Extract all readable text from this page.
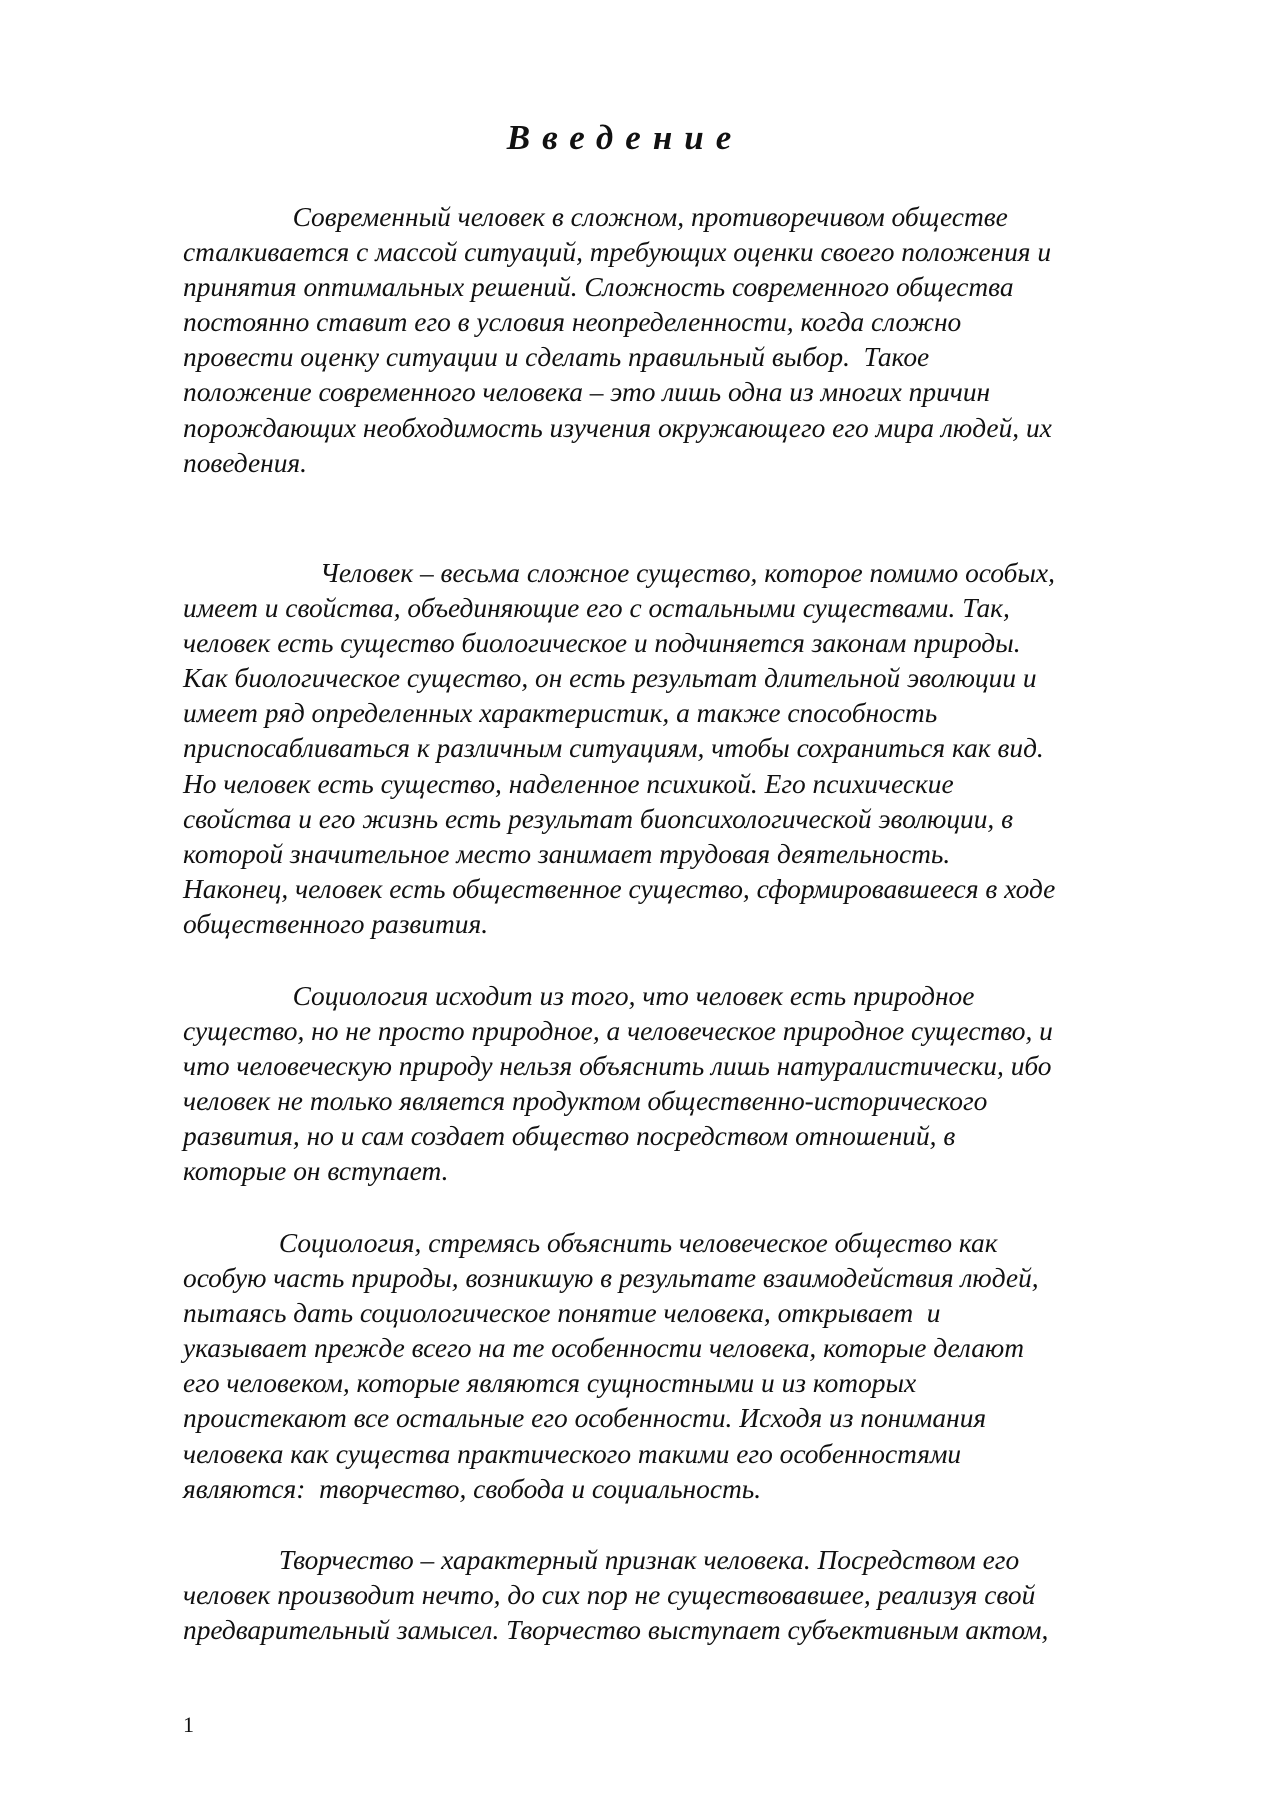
Введение
Современный человек в сложном, противоречивом обществе
сталкивается с массой ситуаций, требующих оценки своего положения и
принятия оптимальных решений. Сложность современного общества
постоянно ставит его в условия неопределенности, когда сложно
провести оценку ситуации и сделать правильный выбор.  Такое
положение современного человека – это лишь одна из многих причин
порождающих необходимость изучения окружающего его мира людей, их
поведения.
Человек – весьма сложное существо, которое помимо особых,
имеет и свойства, объединяющие его с остальными существами. Так,
человек есть существо биологическое и подчиняется законам природы.
Как биологическое существо, он есть результат длительной эволюции и
имеет ряд определенных характеристик, а также способность
приспосабливаться к различным ситуациям, чтобы сохраниться как вид.
Но человек есть существо, наделенное психикой. Его психические
свойства и его жизнь есть результат биопсихологической эволюции, в
которой значительное место занимает трудовая деятельность.
Наконец, человек есть общественное существо, сформировавшееся в ходе
общественного развития.
Социология исходит из того, что человек есть природное
существо, но не просто природное, а человеческое природное существо, и
что человеческую природу нельзя объяснить лишь натуралистически, ибо
человек не только является продуктом общественно-исторического
развития, но и сам создает общество посредством отношений, в
которые он вступает.
Социология, стремясь объяснить человеческое общество как
особую часть природы, возникшую в результате взаимодействия людей,
пытаясь дать социологическое понятие человека, открывает  и
указывает прежде всего на те особенности человека, которые делают
его человеком, которые являются сущностными и из которых
проистекают все остальные его особенности. Исходя из понимания
человека как существа практического такими его особенностями
являются:  творчество, свобода и социальность.
Творчество – характерный признак человека. Посредством его
человек производит нечто, до сих пор не существовавшее, реализуя свой
предварительный замысел. Творчество выступает субъективным актом,

1
